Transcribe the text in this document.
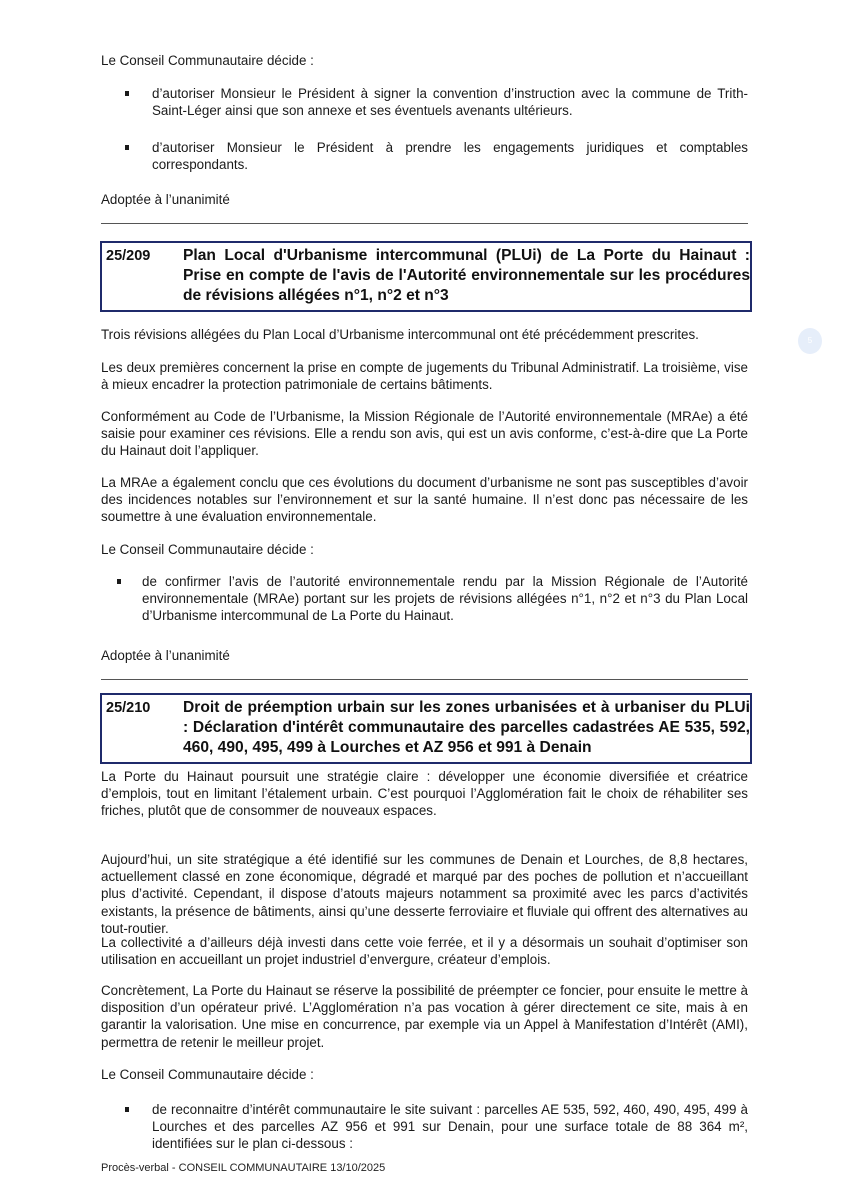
Le Conseil Communautaire décide :

d’autoriser Monsieur le Président à signer la convention d’instruction avec la commune de Trith-Saint-Léger ainsi que son annexe et ses éventuels avenants ultérieurs.
d’autoriser Monsieur le Président à prendre les engagements juridiques et comptables correspondants.

Adoptée à l’unanimité

25/209 Plan Local d'Urbanisme intercommunal (PLUi) de La Porte du Hainaut : Prise en compte de l'avis de l'Autorité environnementale sur les procédures de révisions allégées n°1, n°2 et n°3

Trois révisions allégées du Plan Local d’Urbanisme intercommunal ont été précédemment prescrites.

Les deux premières concernent la prise en compte de jugements du Tribunal Administratif. La troisième, vise à mieux encadrer la protection patrimoniale de certains bâtiments.

Conformément au Code de l’Urbanisme, la Mission Régionale de l’Autorité environnementale (MRAe) a été saisie pour examiner ces révisions. Elle a rendu son avis, qui est un avis conforme, c’est-à-dire que La Porte du Hainaut doit l’appliquer.

La MRAe a également conclu que ces évolutions du document d’urbanisme ne sont pas susceptibles d’avoir des incidences notables sur l’environnement et sur la santé humaine. Il n’est donc pas nécessaire de les soumettre à une évaluation environnementale.

Le Conseil Communautaire décide :

de confirmer l’avis de l’autorité environnementale rendu par la Mission Régionale de l’Autorité environnementale (MRAe) portant sur les projets de révisions allégées n°1, n°2 et n°3 du Plan Local d’Urbanisme intercommunal de La Porte du Hainaut.

Adoptée à l’unanimité

25/210 Droit de préemption urbain sur les zones urbanisées et à urbaniser du PLUi : Déclaration d'intérêt communautaire des parcelles cadastrées AE 535, 592, 460, 490, 495, 499 à Lourches et AZ 956 et 991 à Denain

La Porte du Hainaut poursuit une stratégie claire : développer une économie diversifiée et créatrice d’emplois, tout en limitant l’étalement urbain. C’est pourquoi l’Agglomération fait le choix de réhabiliter ses friches, plutôt que de consommer de nouveaux espaces.

Aujourd’hui, un site stratégique a été identifié sur les communes de Denain et Lourches, de 8,8 hectares, actuellement classé en zone économique, dégradé et marqué par des poches de pollution et n’accueillant plus d’activité. Cependant, il dispose d’atouts majeurs notamment sa proximité avec les parcs d’activités existants, la présence de bâtiments, ainsi qu’une desserte ferroviaire et fluviale qui offrent des alternatives au tout-routier.

La collectivité a d’ailleurs déjà investi dans cette voie ferrée, et il y a désormais un souhait d’optimiser son utilisation en accueillant un projet industriel d’envergure, créateur d’emplois.

Concrètement, La Porte du Hainaut se réserve la possibilité de préempter ce foncier, pour ensuite le mettre à disposition d’un opérateur privé. L’Agglomération n’a pas vocation à gérer directement ce site, mais à en garantir la valorisation. Une mise en concurrence, par exemple via un Appel à Manifestation d’Intérêt (AMI), permettra de retenir le meilleur projet.

Le Conseil Communautaire décide :

de reconnaitre d’intérêt communautaire le site suivant : parcelles AE 535, 592, 460, 490, 495, 499 à Lourches et des parcelles AZ 956 et 991 sur Denain, pour une surface totale de 88 364 m², identifiées sur le plan ci-dessous :
5
Procès-verbal - CONSEIL COMMUNAUTAIRE 13/10/2025
